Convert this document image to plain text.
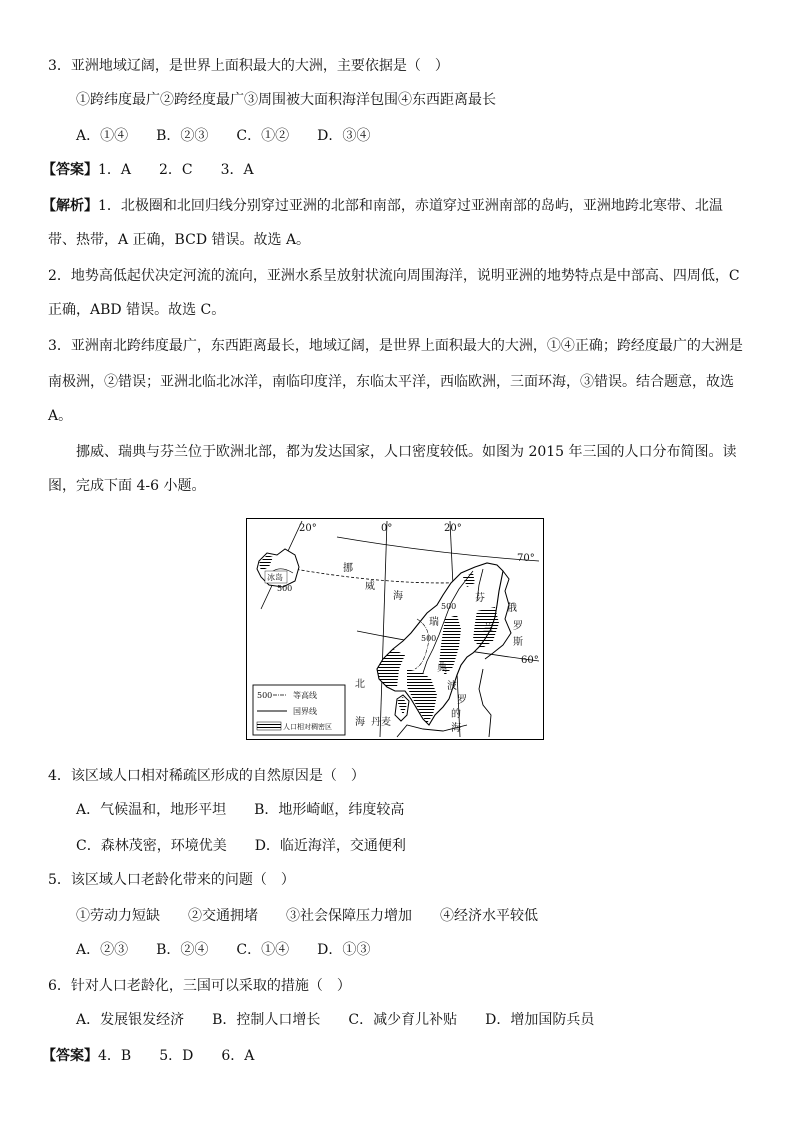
3．亚洲地域辽阔，是世界上面积最大的大洲，主要依据是（　）
①跨纬度最广②跨经度最广③周围被大面积海洋包围④东西距离最长
A．①④　　B．②③　　C．①②　　D．③④
【答案】1．A　　2．C　　3．A
【解析】1．北极圈和北回归线分别穿过亚洲的北部和南部，赤道穿过亚洲南部的岛屿，亚洲地跨北寒带、北温
带、热带，A 正确，BCD 错误。故选 A。
2．地势高低起伏决定河流的流向，亚洲水系呈放射状流向周围海洋，说明亚洲的地势特点是中部高、四周低，C
正确，ABD 错误。故选 C。
3．亚洲南北跨纬度最广，东西距离最长，地域辽阔，是世界上面积最大的大洲，①④正确；跨经度最广的大洲是
南极洲，②错误；亚洲北临北冰洋，南临印度洋，东临太平洋，西临欧洲，三面环海，③错误。结合题意，故选
A。
挪威、瑞典与芬兰位于欧洲北部，都为发达国家，人口密度较低。如图为 2015 年三国的人口分布简图。读
图，完成下面 4-6 小题。
20°	0°	20°
70°
60°
冰岛
500
挪
威
海
瑞
典
500
500
芬
兰
俄
罗
斯
北
海 丹麦
波
罗
的
海
500	等高线
国界线
人口相对稠密区
4．该区域人口相对稀疏区形成的自然原因是（　）
A．气候温和，地形平坦　　B．地形崎岖，纬度较高
C．森林茂密，环境优美　　D．临近海洋，交通便利
5．该区域人口老龄化带来的问题（　）
①劳动力短缺　　②交通拥堵　　③社会保障压力增加　　④经济水平较低
A．②③　　B．②④　　C．①④　　D．①③
6．针对人口老龄化，三国可以采取的措施（　）
A．发展银发经济　　B．控制人口增长　　C．减少育儿补贴　　D．增加国防兵员
【答案】4．B　　5．D　　6．A
